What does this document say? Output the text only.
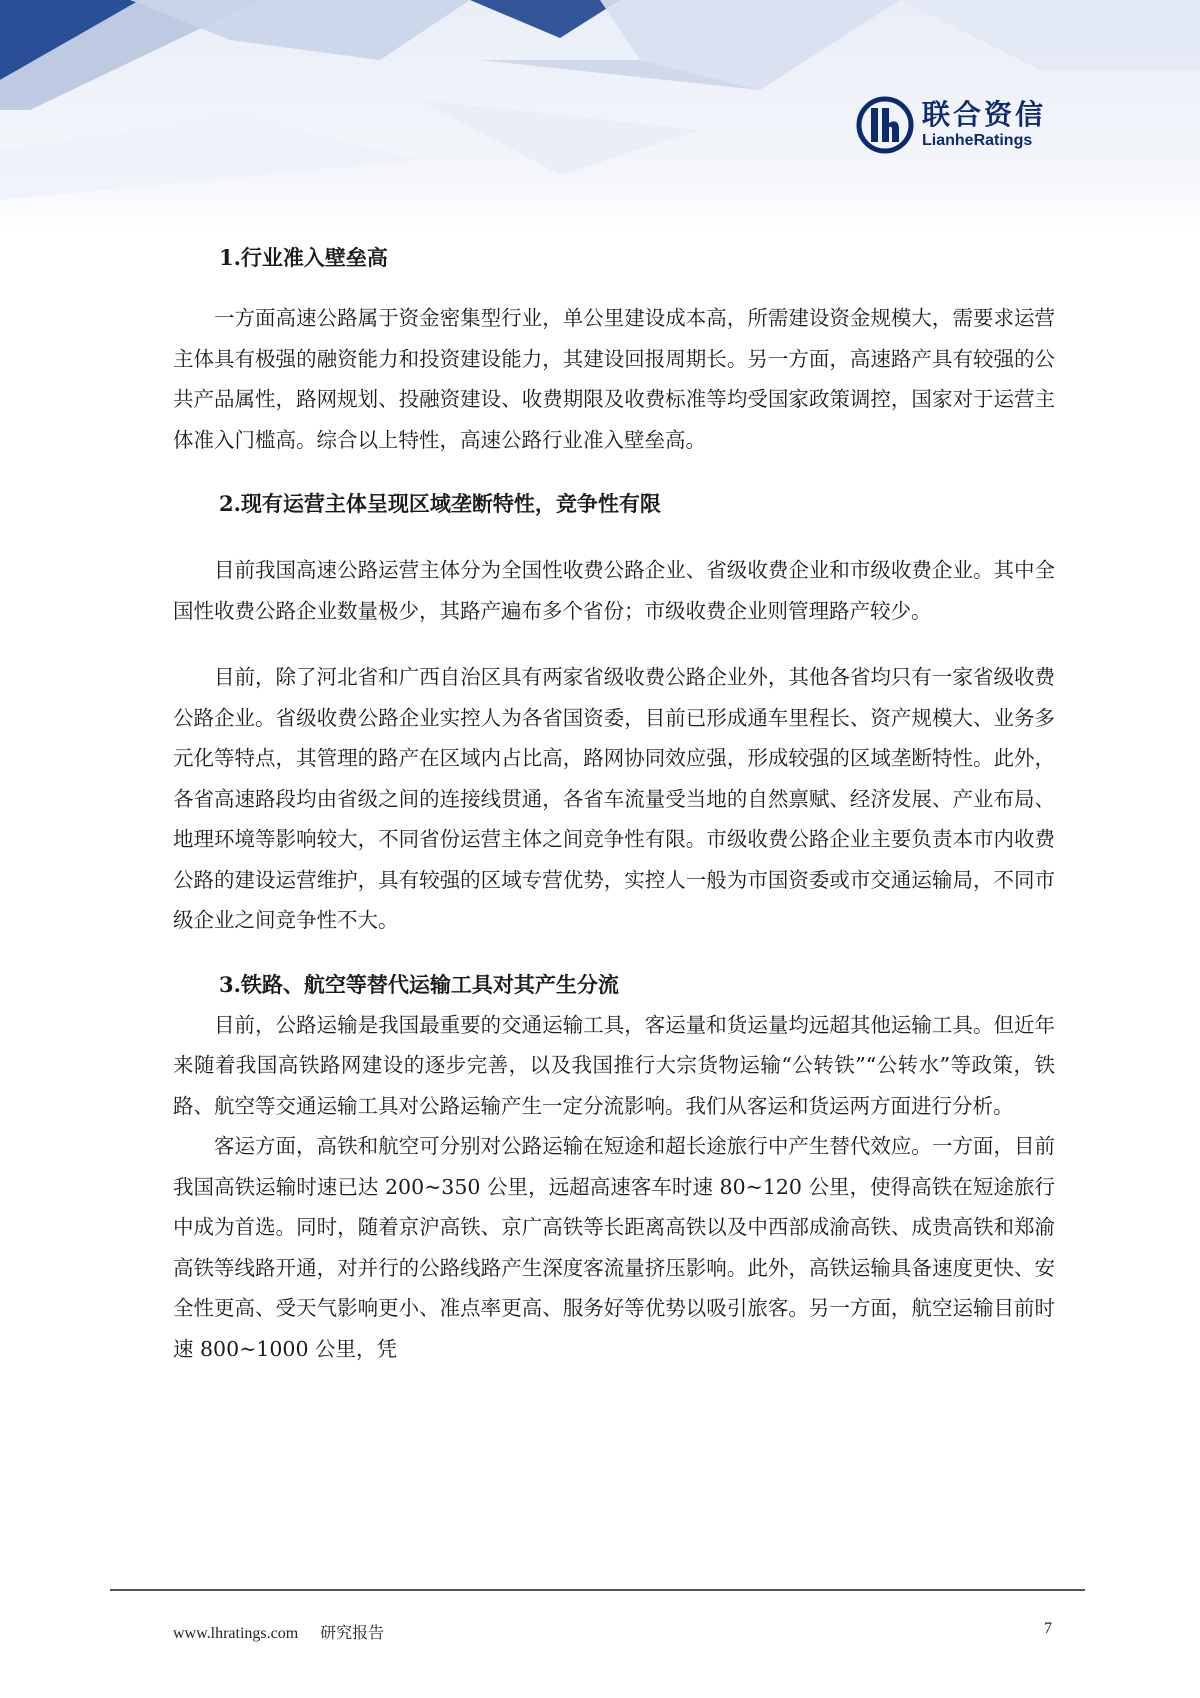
联合资信
LianheRatings

1.行业准入壁垒高

一方面高速公路属于资金密集型行业，单公里建设成本高，所需建设资金规模大，需要求运营主体具有极强的融资能力和投资建设能力，其建设回报周期长。另一方面，高速路产具有较强的公共产品属性，路网规划、投融资建设、收费期限及收费标准等均受国家政策调控，国家对于运营主体准入门槛高。综合以上特性，高速公路行业准入壁垒高。

2.现有运营主体呈现区域垄断特性，竞争性有限

目前我国高速公路运营主体分为全国性收费公路企业、省级收费企业和市级收费企业。其中全国性收费公路企业数量极少，其路产遍布多个省份；市级收费企业则管理路产较少。

目前，除了河北省和广西自治区具有两家省级收费公路企业外，其他各省均只有一家省级收费公路企业。省级收费公路企业实控人为各省国资委，目前已形成通车里程长、资产规模大、业务多元化等特点，其管理的路产在区域内占比高，路网协同效应强，形成较强的区域垄断特性。此外，各省高速路段均由省级之间的连接线贯通，各省车流量受当地的自然禀赋、经济发展、产业布局、地理环境等影响较大，不同省份运营主体之间竞争性有限。市级收费公路企业主要负责本市内收费公路的建设运营维护，具有较强的区域专营优势，实控人一般为市国资委或市交通运输局，不同市级企业之间竞争性不大。

3.铁路、航空等替代运输工具对其产生分流

目前，公路运输是我国最重要的交通运输工具，客运量和货运量均远超其他运输工具。但近年来随着我国高铁路网建设的逐步完善，以及我国推行大宗货物运输“公转铁”“公转水”等政策，铁路、航空等交通运输工具对公路运输产生一定分流影响。我们从客运和货运两方面进行分析。

客运方面，高铁和航空可分别对公路运输在短途和超长途旅行中产生替代效应。一方面，目前我国高铁运输时速已达 200~350 公里，远超高速客车时速 80~120 公里，使得高铁在短途旅行中成为首选。同时，随着京沪高铁、京广高铁等长距离高铁以及中西部成渝高铁、成贵高铁和郑渝高铁等线路开通，对并行的公路线路产生深度客流量挤压影响。此外，高铁运输具备速度更快、安全性更高、受天气影响更小、准点率更高、服务好等优势以吸引旅客。另一方面，航空运输目前时速 800~1000 公里，凭

www.lhratings.com 研究报告	7
